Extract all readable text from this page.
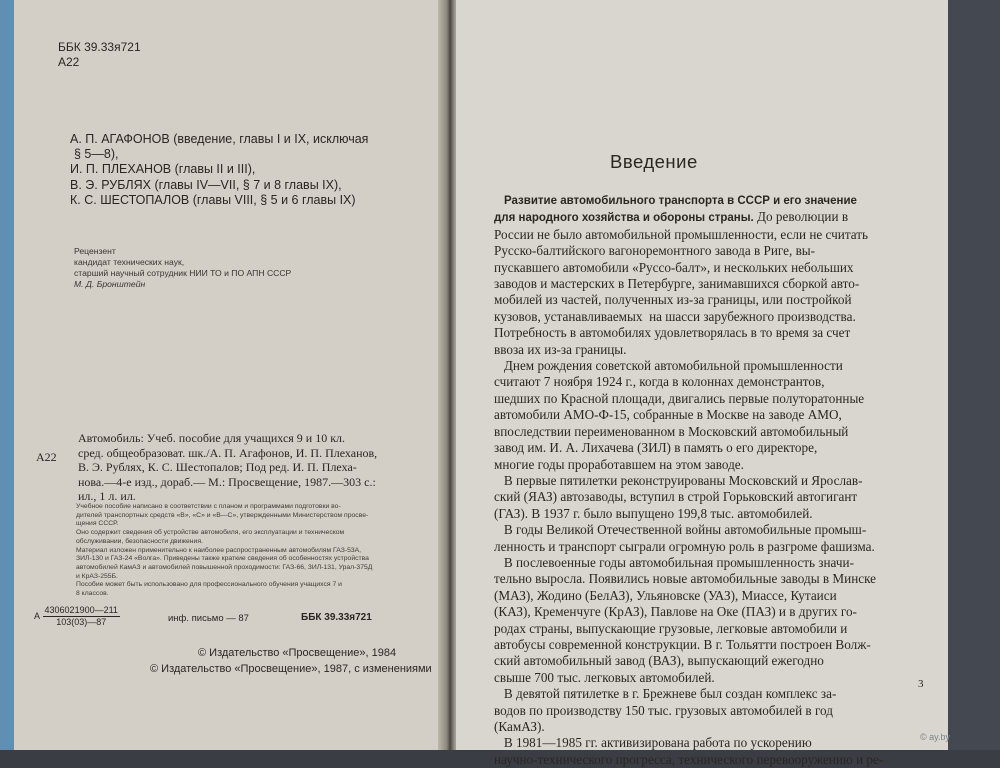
ББК 39.33я721
А22
А. П. АГАФОНОВ (введение, главы I и IX, исключая
§ 5—8),
И. П. ПЛЕХАНОВ (главы II и III),
В. Э. РУБЛЯХ (главы IV—VII, § 7 и 8 главы IX),
К. С. ШЕСТОПАЛОВ (главы VIII, § 5 и 6 главы IX)
Рецензент
кандидат технических наук,
старший научный сотрудник НИИ ТО и ПО АПН СССР
М. Д. Бронштейн
А22
Автомобиль: Учеб. пособие для учащихся 9 и 10 кл.
сред. общеобразоват. шк./А. П. Агафонов, И. П. Плеханов,
В. Э. Рублях, К. С. Шестопалов; Под ред. И. П. Плеха-
нова.—4-е изд., дораб.— М.: Просвещение, 1987.—303 с.:
ил., 1 л. ил.
Учебное пособие написано в соответствии с планом и программами подготовки во-
дителей транспортных средств «В», «С» и «В—С», утвержденными Министерством просве-
щения СССР.
Оно содержит сведения об устройстве автомобиля, его эксплуатации и техническом
обслуживании, безопасности движения.
Материал изложен применительно к наиболее распространенным автомобилям ГАЗ-53А,
ЗИЛ-130 и ГАЗ-24 «Волга». Приведены также краткие сведения об особенностях устройства
автомобилей КамАЗ и автомобилей повышенной проходимости: ГАЗ-66, ЗИЛ-131, Урал-375Д
и КрАЗ-255Б.
Пособие может быть использовано для профессионального обучения учащихся 7 и
8 классов.
А $\frac{4306021900—211}{103(03)—87}$	инф. письмо — 87	ББК 39.33я721
© Издательство «Просвещение», 1984
© Издательство «Просвещение», 1987, с изменениями
Введение
Развитие автомобильного транспорта в СССР и его значение
для народного хозяйства и обороны страны. До революции в
России не было автомобильной промышленности, если не считать
Русско-балтийского вагоноремонтного завода в Риге, вы-
пускавшего автомобили «Руссо-балт», и нескольких небольших
заводов и мастерских в Петербурге, занимавшихся сборкой авто-
мобилей из частей, полученных из-за границы, или постройкой
кузовов, устанавливаемых  на шасси зарубежного производства.
Потребность в автомобилях удовлетворялась в то время за счет
ввоза их из-за границы.
Днем рождения советской автомобильной промышленности
считают 7 ноября 1924 г., когда в колоннах демонстрантов,
шедших по Красной площади, двигались первые полуторатонные
автомобили АМО-Ф-15, собранные в Москве на заводе АМО,
впоследствии переименованном в Московский автомобильный
завод им. И. А. Лихачева (ЗИЛ) в память о его директоре,
многие годы проработавшем на этом заводе.
В первые пятилетки реконструированы Московский и Ярослав-
ский (ЯАЗ) автозаводы, вступил в строй Горьковский автогигант
(ГАЗ). В 1937 г. было выпущено 199,8 тыс. автомобилей.
В годы Великой Отечественной войны автомобильные промыш-
ленность и транспорт сыграли огромную роль в разгроме фашизма.
В послевоенные годы автомобильная промышленность значи-
тельно выросла. Появились новые автомобильные заводы в Минске
(МАЗ), Жодино (БелАЗ), Ульяновске (УАЗ), Миассе, Кутаиси
(КАЗ), Кременчуге (КрАЗ), Павлове на Оке (ПАЗ) и в других го-
родах страны, выпускающие грузовые, легковые автомобили и
автобусы современной конструкции. В г. Тольятти построен Волж-
ский автомобильный завод (ВАЗ), выпускающий ежегодно
свыше 700 тыс. легковых автомобилей.
В девятой пятилетке в г. Брежневе был создан комплекс за-
водов по производству 150 тыс. грузовых автомобилей в год
(КамАЗ).
В 1981—1985 гг. активизирована работа по ускорению
научно-технического прогресса, технического перевооружению и ре-
3
© ay.by
